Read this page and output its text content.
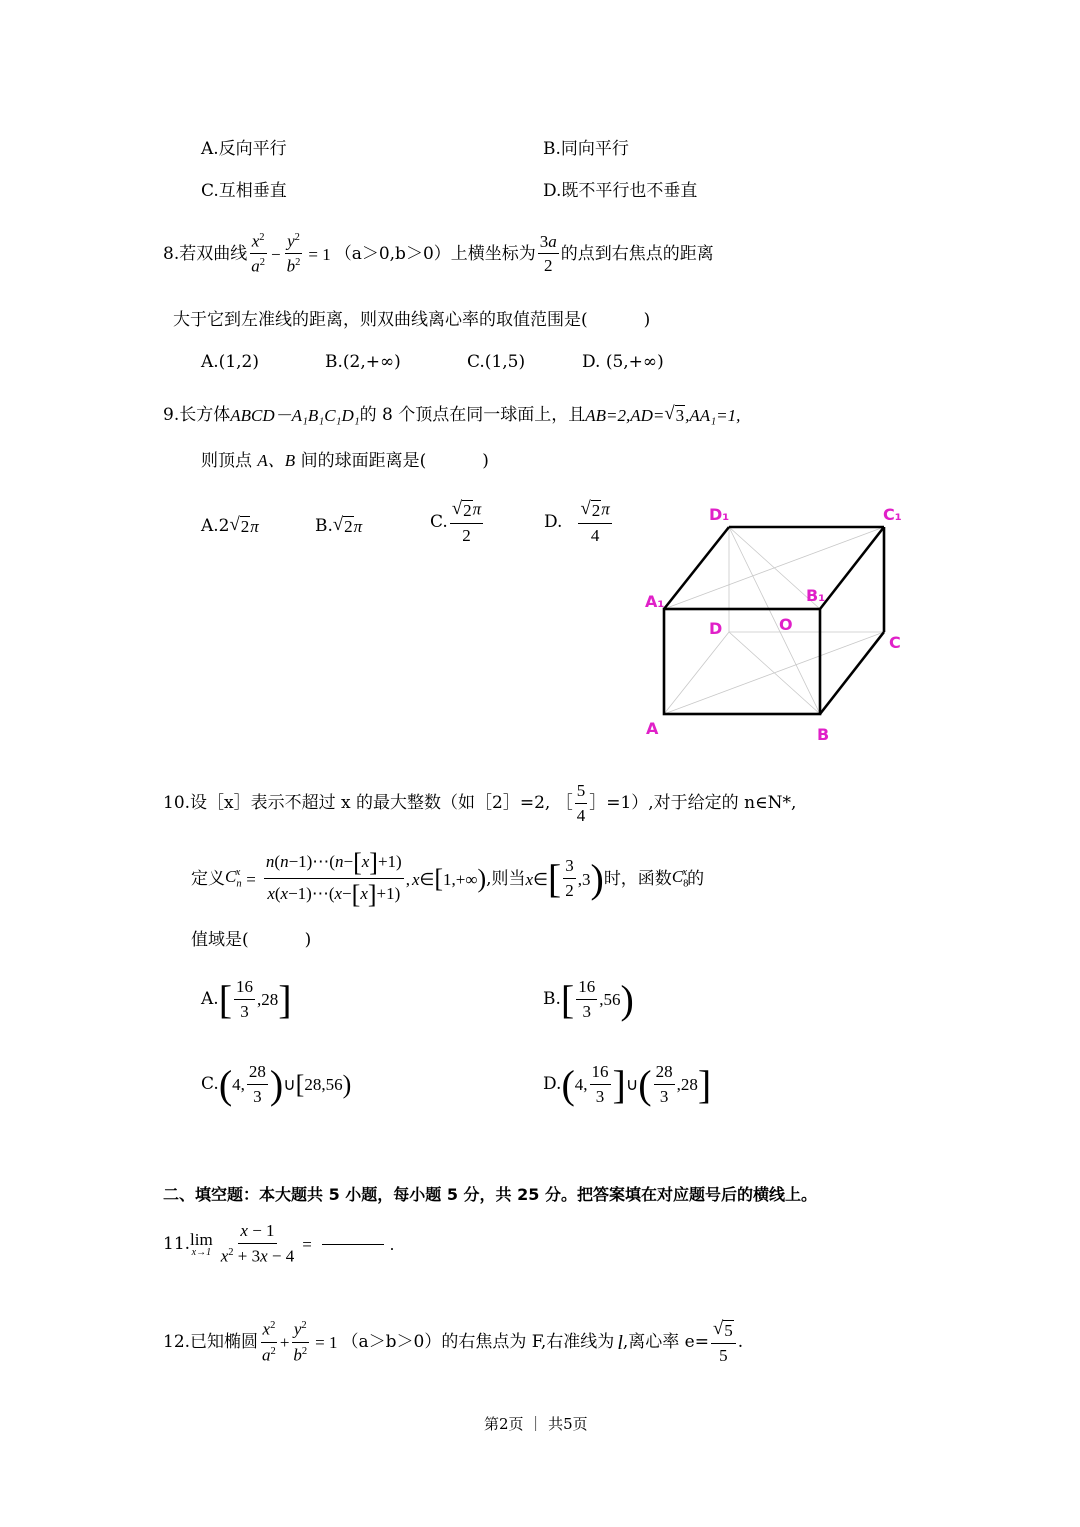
A.反向平行	B.同向平行
C.互相垂直	D.既不平行也不垂直
8.若双曲线 $\frac{x^2}{a^2} - \frac{y^2}{b^2} = 1$ （a＞0,b＞0）上横坐标为 $\frac{3a}{2}$ 的点到右焦点的距离
大于它到左准线的距离，则双曲线离心率的取值范围是(	)
A.(1,2)	B.(2,+∞)	C.(1,5)	D. (5,+∞)
9.长方体 ABCD －A₁B₁C₁D₁ 的 8 个顶点在同一球面上，且 AB=2,AD= √ 3 ,AA₁=1,
则顶点 A、B 间的球面距离是(	)
A.2 √ 2 π	B. √ 2 π	C. $\frac{√ 2 \pi}{2}$	D. $\frac{√ 2 \pi}{4}$	D₁	C₁
A₁	B₁
D	O
C
A	B
10.设［x］表示不超过 x 的最大整数（如［2］=2, ［ $\frac{5}{4}$ ］=1）,对于给定的 n∈N*,
定义 $C_n^x = \frac{n(n-1)\cdots(n-[x]+1)}{x(x-1)\cdots(x-[x]+1)}$ , x ∈ [ 1,+∞ ) ,则当 x ∈ [ $\frac{3}{2} ,3$ ) 时，函数 $C_8^x$ 的
值域是(	)
A. [ $\frac{16}{3} ,28$ ]	B. [ $\frac{16}{3} ,56$ )
C. ( 4, $\frac{28}{3}$ ) ∪ [ 28,56 )	D. ( 4, $\frac{16}{3}$ ] ∪ ( $\frac{28}{3} ,28$ ]
二、填空题：本大题共 5 小题，每小题 5 分，共 25 分。把答案填在对应题号后的横线上。
11. lim
$x\to 1 \frac{x - 1}{x^2 + 3x - 4}$ =	.
12.已知椭圆 $\frac{x^2}{a^2} + \frac{y^2}{b^2} = 1$ （a＞b＞0）的右焦点为 F,右准线为 l ,离心率 $e= \frac{√ 5}{5}$ .
第2页 ｜ 共5页
